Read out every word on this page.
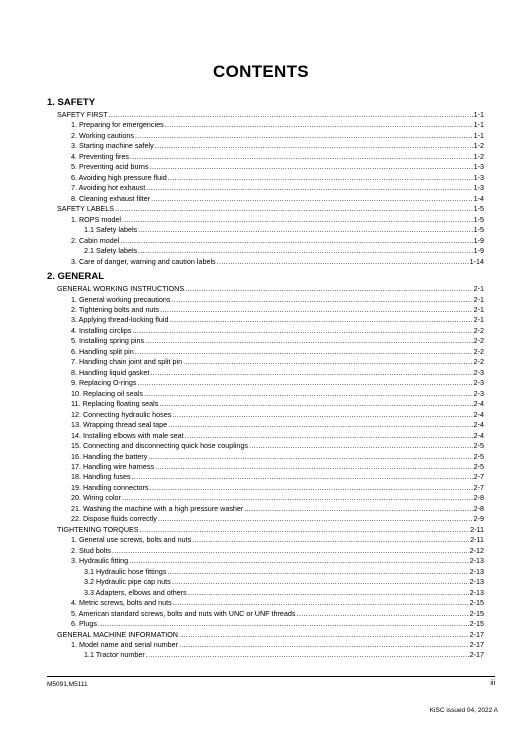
CONTENTS
1. SAFETY
SAFETY FIRST .....	1-1
1. Preparing for emergencies .....	1-1
2. Working cautions .....	1-1
3. Starting machine safely .....	1-2
4. Preventing fires .....	1-2
5. Preventing acid burns .....	1-3
6. Avoiding high pressure fluid .....	1-3
7. Avoiding hot exhaust .....	1-3
8. Cleaning exhaust filter .....	1-4
SAFETY LABELS .....	1-5
1. ROPS model .....	1-5
1.1 Safety labels .....	1-5
2. Cabin model .....	1-9
2.1 Safety labels .....	1-9
3. Care of danger, warning and caution labels .....	1-14
2. GENERAL
GENERAL WORKING INSTRUCTIONS .....	2-1
1. General working precautions .....	2-1
2. Tightening bolts and nuts .....	2-1
3. Applying thread-locking fluid .....	2-1
4. Installing circlips .....	2-2
5. Installing spring pins .....	2-2
6. Handling split pin .....	2-2
7. Handling chain joint and split pin .....	2-2
8. Handling liquid gasket .....	2-3
9. Replacing O-rings .....	2-3
10. Replacing oil seals .....	2-3
11. Replacing floating seals .....	2-4
12. Connecting hydraulic hoses .....	2-4
13. Wrapping thread seal tape .....	2-4
14. Installing elbows with male seat .....	2-4
15. Connecting and disconnecting quick hose couplings .....	2-5
16. Handling the battery .....	2-5
17. Handling wire harness .....	2-5
18. Handling fuses .....	2-7
19. Handling connectors .....	2-7
20. Wiring color .....	2-8
21. Washing the machine with a high pressure washer .....	2-8
22. Dispose fluids correctly .....	2-9
TIGHTENING TORQUES .....	2-11
1. General use screws, bolts and nuts .....	2-11
2. Stud bolts .....	2-12
3. Hydraulic fitting .....	2-13
3.1 Hydraulic hose fittings .....	2-13
3.2 Hydraulic pipe cap nuts .....	2-13
3.3 Adapters, elbows and others .....	2-13
4. Metric screws, bolts and nuts .....	2-15
5. American standard screws, bolts and nuts with UNC or UNF threads .....	2-15
6. Plugs .....	2-15
GENERAL MACHINE INFORMATION .....	2-17
1. Model name and serial number .....	2-17
1.1 Tractor number .....	2-17
M5091,M5111	iii
KiSC issued 04, 2022 A
